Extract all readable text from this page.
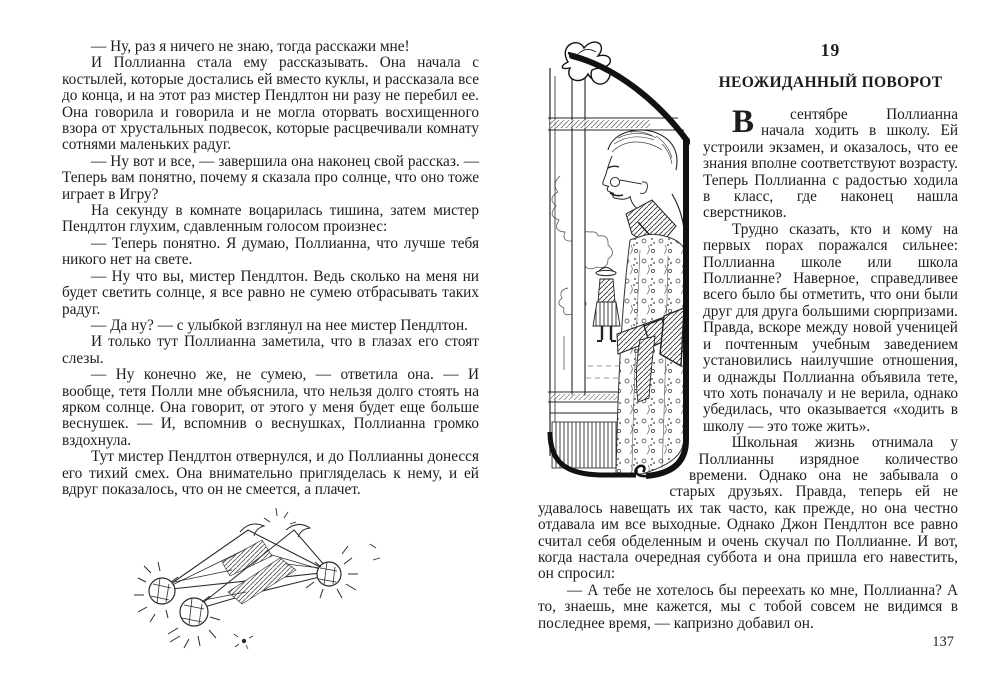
— Ну, раз я ничего не знаю, тогда расскажи мне!

И Поллианна стала ему рассказывать. Она начала с костылей, которые достались ей вместо куклы, и рассказала все до конца, и на этот раз мистер Пендлтон ни разу не перебил ее. Она говорила и говорила и не могла оторвать восхищенного взора от хрустальных подвесок, которые расцвечивали комнату сотнями маленьких радуг.

— Ну вот и все, — завершила она наконец свой рассказ. — Теперь вам понятно, почему я сказала про солнце, что оно тоже играет в Игру?

На секунду в комнате воцарилась тишина, затем мистер Пендлтон глухим, сдавленным голосом произнес:

— Теперь понятно. Я думаю, Поллианна, что лучше тебя никого нет на свете.

— Ну что вы, мистер Пендлтон. Ведь сколько на меня ни будет светить солнце, я все равно не сумею отбрасывать таких радуг.

— Да ну? — с улыбкой взглянул на нее мистер Пендлтон.

И только тут Поллианна заметила, что в глазах его стоят слезы.

— Ну конечно же, не сумею, — ответила она. — И вообще, тетя Полли мне объяснила, что нельзя долго стоять на ярком солнце. Она говорит, от этого у меня будет еще больше веснушек. — И, вспомнив о веснушках, Поллианна громко вздохнула.

Тут мистер Пендлтон отвернулся, и до Поллианны донесся его тихий смех. Она внимательно пригляделась к нему, и ей вдруг показалось, что он не смеется, а плачет.

19
НЕОЖИДАННЫЙ ПОВОРОТ

В	сентябре Поллианна начала ходить в школу. Ей устроили экзамен, и оказалось, что ее знания вполне соответствуют возрасту. Теперь Поллианна с радостью ходила в класс, где наконец нашла сверстников.

Трудно сказать, кто и кому на первых порах поражался сильнее: Поллианна школе или школа Поллианне? Наверное, справедливее всего было бы отметить, что они были друг для друга большими сюрпризами. Правда, вскоре между новой ученицей и почтенным учебным заведением установились наилучшие отношения, и однажды Поллианна объявила тете, что хоть поначалу и не верила, однако убедилась, что оказывается «ходить в школу — это тоже жить».

Школьная жизнь отнимала у Поллианны изрядное количество времени. Однако она не забывала о старых друзьях. Правда, теперь ей не удавалось навещать их так часто, как прежде, но она честно отдавала им все выходные. Однако Джон Пендлтон все равно считал себя обделенным и очень скучал по Поллианне. И вот, когда настала очередная суббота и она пришла его навестить, он спросил:

— А тебе не хотелось бы переехать ко мне, Поллианна? А то, знаешь, мне кажется, мы с тобой совсем не видимся в последнее время, — капризно добавил он.

137
